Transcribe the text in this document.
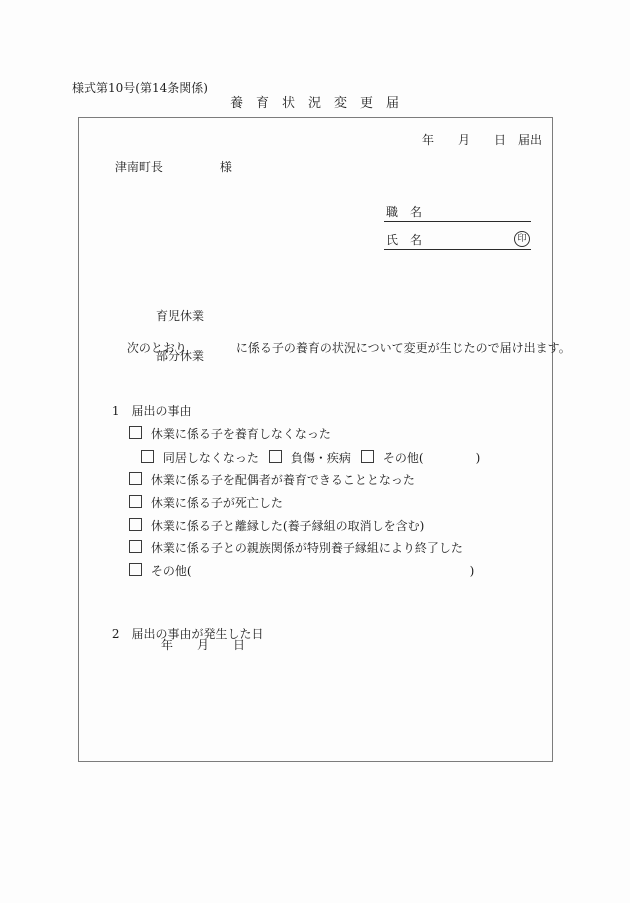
様式第10号(第14条関係)
養　育　状　況　変　更　届
年　　月　　日　届出

津南町長	様

職　名
氏　名	印
育児休業

次のとおり	に係る子の養育の状況について変更が生じたので届け出ます。

部分休業

1 届出の事由

休業に係る子を養育しなくなった

同居しなくなった	負傷・疾病	その他(	)

休業に係る子を配偶者が養育できることとなった

休業に係る子が死亡した

休業に係る子と離縁した(養子縁組の取消しを含む)

休業に係る子との親族関係が特別養子縁組により終了した

その他(	)

2 届出の事由が発生した日

年　　月　　日
